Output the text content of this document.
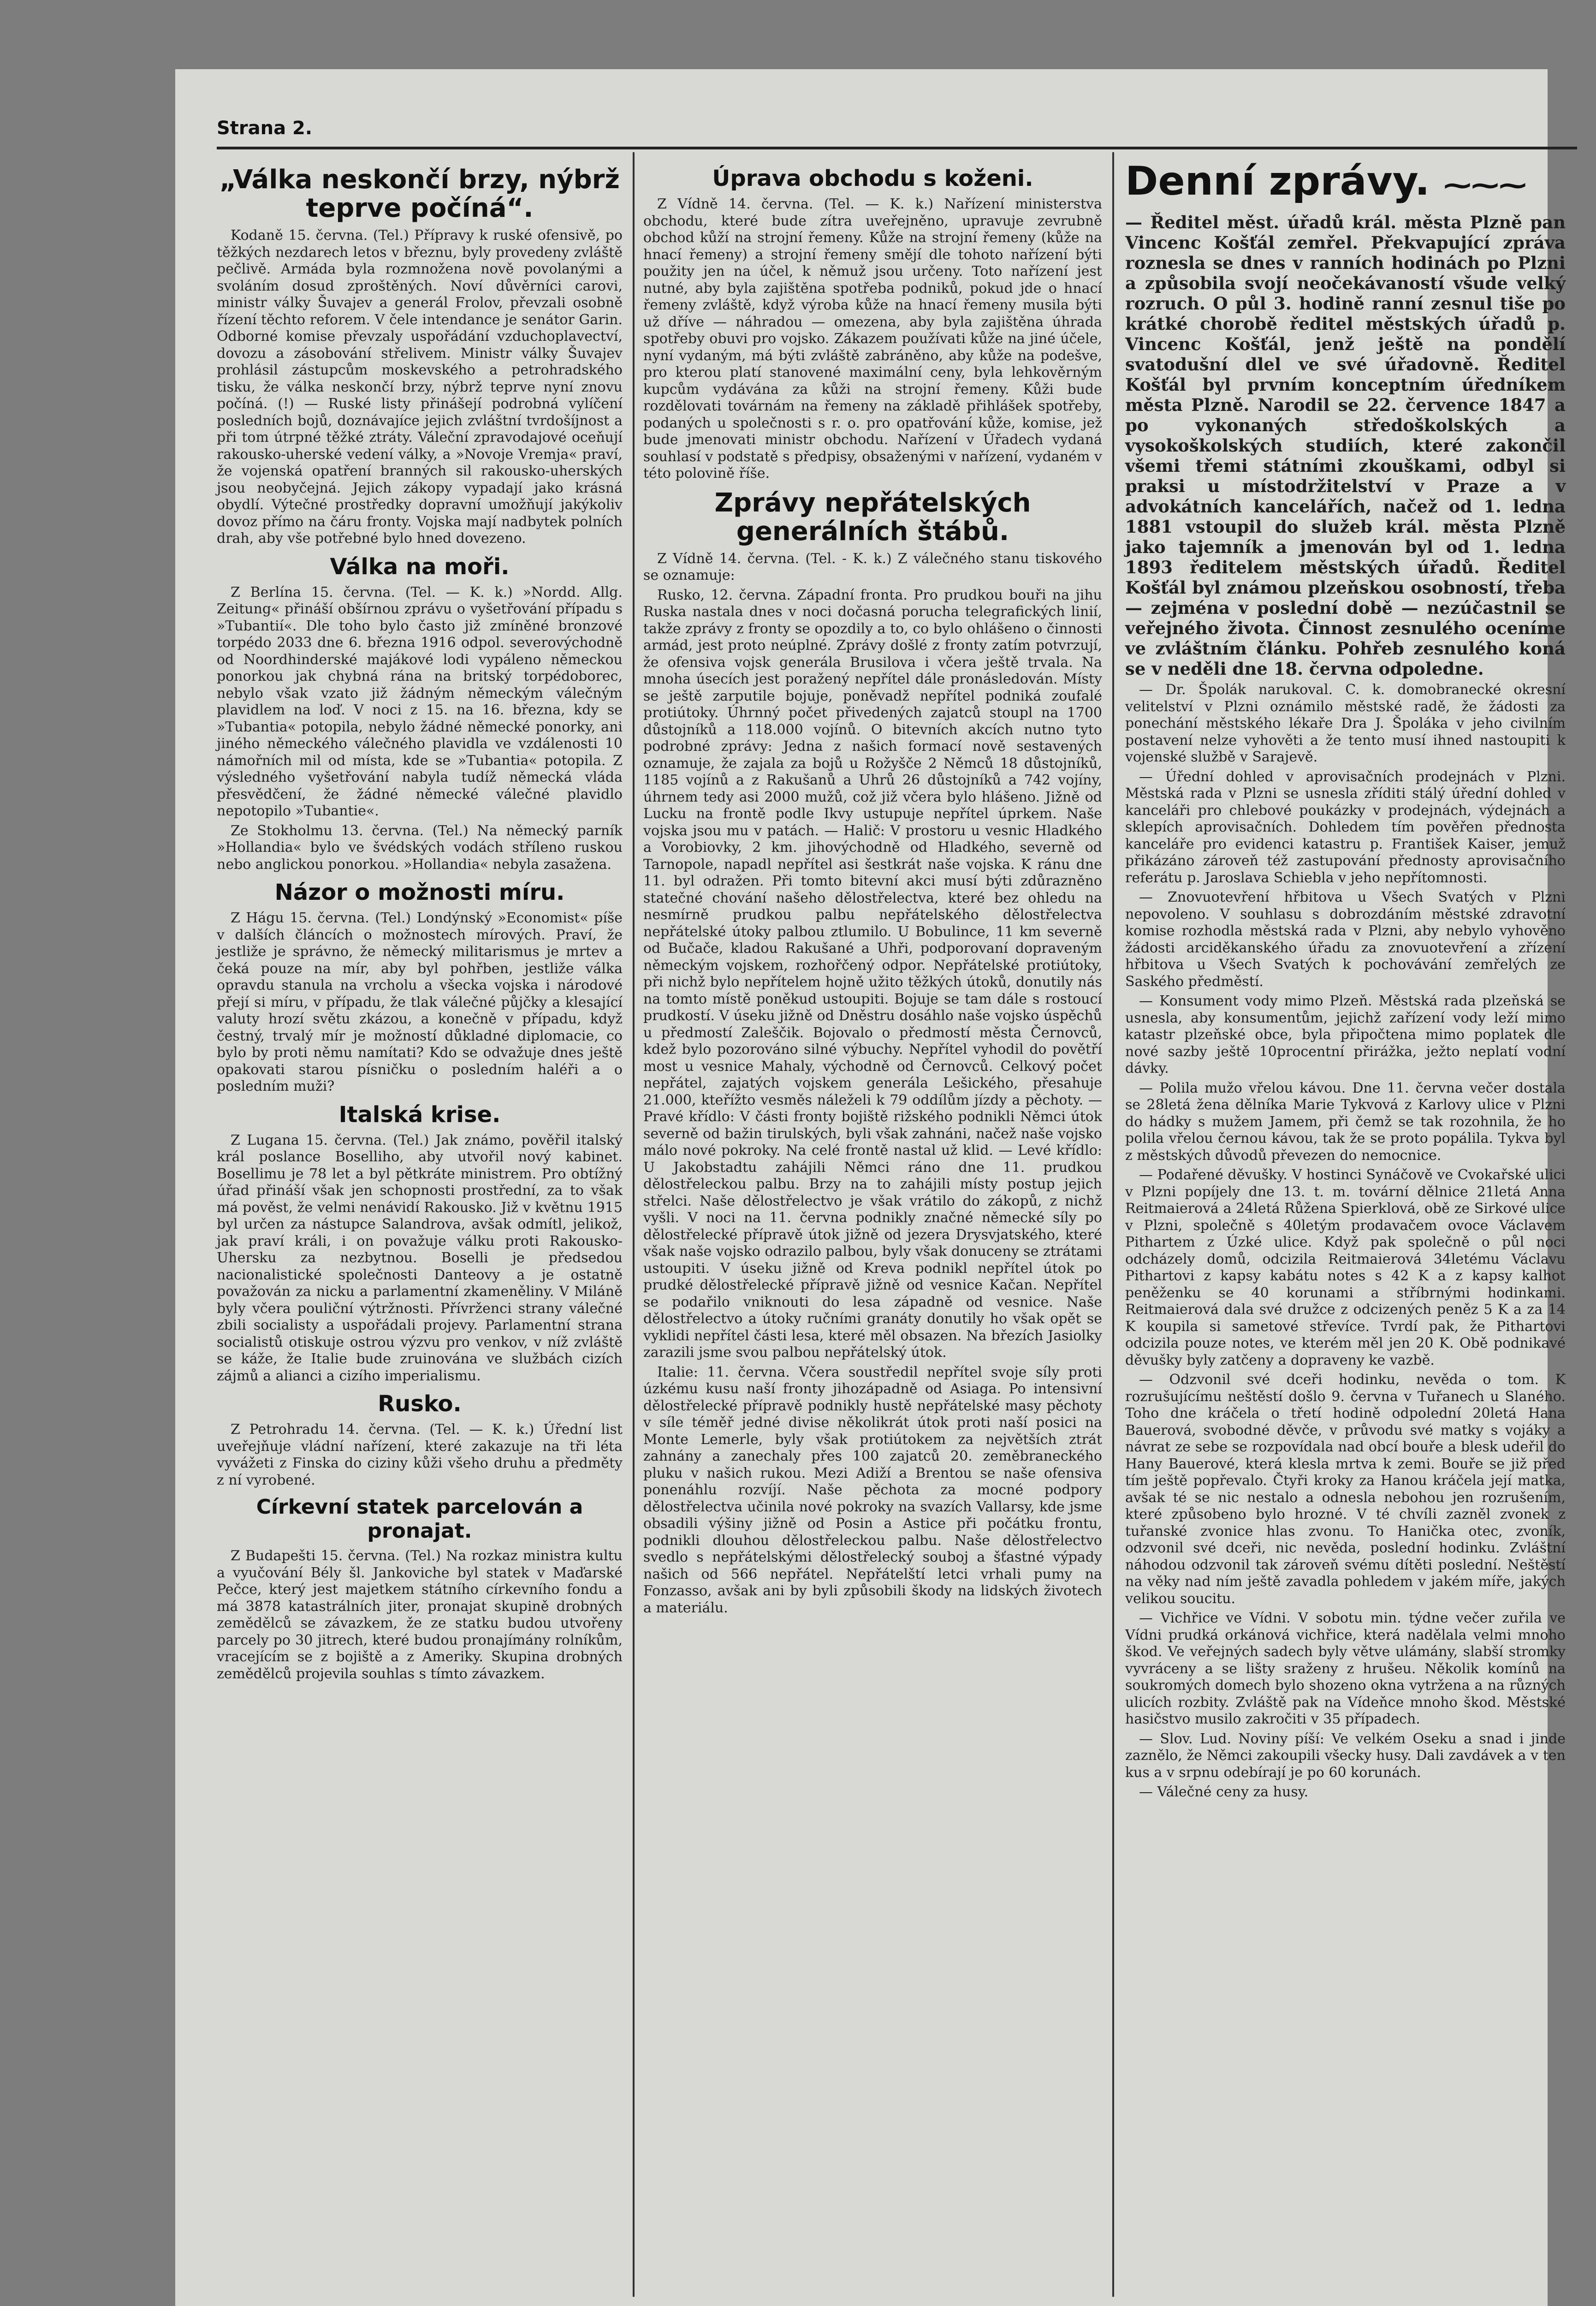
Strana 2.
„Válka neskončí brzy, nýbrž teprve počíná“.

Kodaně 15. června. (Tel.) Přípravy k ruské ofensivě, po těžkých nezdarech letos v březnu, byly provedeny zvláště pečlivě. Armáda byla rozmnožena nově povolanými a svoláním dosud zproštěných. Noví důvěrníci carovi, ministr války Šuvajev a generál Frolov, převzali osobně řízení těchto reforem. V čele intendance je senátor Garin. Odborné komise převzaly uspořádání vzduchoplavectví, dovozu a zásobování střelivem. Ministr války Šuvajev prohlásil zástupcům moskevského a petrohradského tisku, že válka neskončí brzy, nýbrž teprve nyní znovu počíná. (!) — Ruské listy přinášejí podrobná vylíčení posledních bojů, doznávajíce jejich zvláštní tvrdošíjnost a při tom útrpné těžké ztráty. Váleční zpravodajové oceňují rakousko-uherské vedení války, a »Novoje Vremja« praví, že vojenská opatření branných sil rakousko-uherských jsou neobyčejná. Jejich zákopy vypadají jako krásná obydlí. Výtečné prostředky dopravní umožňují jakýkoliv dovoz přímo na čáru fronty. Vojska mají nadbytek polních drah, aby vše potřebné bylo hned dovezeno.

Válka na moři.

Z Berlína 15. června. (Tel. — K. k.) »Nordd. Allg. Zeitung« přináší obšírnou zprávu o vyšetřování případu s »Tubantií«. Dle toho bylo často již zmíněné bronzové torpédo 2033 dne 6. března 1916 odpol. severovýchodně od Noordhinderské majákové lodi vypáleno německou ponorkou jak chybná rána na britský torpédoborec, nebylo však vzato již žádným německým válečným plavidlem na loď. V noci z 15. na 16. března, kdy se »Tubantia« potopila, nebylo žádné německé ponorky, ani jiného německého válečného plavidla ve vzdálenosti 10 námořních mil od místa, kde se »Tubantia« potopila. Z výsledného vyšetřování nabyla tudíž německá vláda přesvědčení, že žádné německé válečné plavidlo nepotopilo »Tubantie«.

Ze Stokholmu 13. června. (Tel.) Na německý parník »Hollandia« bylo ve švédských vodách stříleno ruskou nebo anglickou ponorkou. »Hollandia« nebyla zasažena.

Názor o možnosti míru.

Z Hágu 15. června. (Tel.) Londýnský »Economist« píše v dalších článcích o možnostech mírových. Praví, že jestliže je správno, že německý militarismus je mrtev a čeká pouze na mír, aby byl pohřben, jestliže válka opravdu stanula na vrcholu a všecka vojska i národové přejí si míru, v případu, že tlak válečné půjčky a klesající valuty hrozí světu zkázou, a konečně v případu, když čestný, trvalý mír je možností důkladné diplomacie, co bylo by proti němu namítati? Kdo se odvažuje dnes ještě opakovati starou písničku o posledním haléři a o posledním muži?

Italská krise.

Z Lugana 15. června. (Tel.) Jak známo, pověřil italský král poslance Boselliho, aby utvořil nový kabinet. Bosellimu je 78 let a byl pětkráte ministrem. Pro obtížný úřad přináší však jen schopnosti prostřední, za to však má pověst, že velmi nenávidí Rakousko. Již v květnu 1915 byl určen za nástupce Salandrova, avšak odmítl, jelikož, jak praví králi, i on považuje válku proti Rakousko-Uhersku za nezbytnou. Boselli je předsedou nacionalistické společnosti Danteovy a je ostatně považován za nicku a parlamentní zkameněliny. V Miláně byly včera pouliční výtržnosti. Přívrženci strany válečné zbili socialisty a uspořádali projevy. Parlamentní strana socialistů otiskuje ostrou výzvu pro venkov, v níž zvláště se káže, že Italie bude zruinována ve službách cizích zájmů a alianci a cizího imperialismu.

Rusko.

Z Petrohradu 14. června. (Tel. — K. k.) Úřední list uveřejňuje vládní nařízení, které zakazuje na tři léta vyvážeti z Finska do ciziny kůži všeho druhu a předměty z ní vyrobené.

Církevní statek parcelován a pronajat.

Z Budapešti 15. června. (Tel.) Na rozkaz ministra kultu a vyučování Bély šl. Jankoviche byl statek v Maďarské Pečce, který jest majetkem státního církevního fondu a má 3878 katastrálních jiter, pronajat skupině drobných zemědělců se závazkem, že ze statku budou utvořeny parcely po 30 jitrech, které budou pronajímány rolníkům, vracejícím se z bojiště a z Ameriky. Skupina drobných zemědělců projevila souhlas s tímto závazkem.

Úprava obchodu s koženi.

Z Vídně 14. června. (Tel. — K. k.) Nařízení ministerstva obchodu, které bude zítra uveřejněno, upravuje zevrubně obchod kůží na strojní řemeny. Kůže na strojní řemeny (kůže na hnací řemeny) a strojní řemeny smějí dle tohoto nařízení býti použity jen na účel, k němuž jsou určeny. Toto nařízení jest nutné, aby byla zajištěna spotřeba podniků, pokud jde o hnací řemeny zvláště, když výroba kůže na hnací řemeny musila býti už dříve — náhradou — omezena, aby byla zajištěna úhrada spotřeby obuvi pro vojsko. Zákazem používati kůže na jiné účele, nyní vydaným, má býti zvláště zabráněno, aby kůže na podešve, pro kterou platí stanovené maximální ceny, byla lehkověrným kupcům vydávána za kůži na strojní řemeny. Kůži bude rozdělovati továrnám na řemeny na základě přihlášek spotřeby, podaných u společnosti s r. o. pro opatřování kůže, komise, jež bude jmenovati ministr obchodu. Nařízení v Úřadech vydaná souhlasí v podstatě s předpisy, obsaženými v nařízení, vydaném v této polovině říše.

Zprávy nepřátelských generálních štábů.

Z Vídně 14. června. (Tel. - K. k.) Z válečného stanu tiskového se oznamuje:

Rusko, 12. června. Západní fronta. Pro prudkou bouři na jihu Ruska nastala dnes v noci dočasná porucha telegrafických linií, takže zprávy z fronty se opozdily a to, co bylo ohlášeno o činnosti armád, jest proto neúplné. Zprávy došlé z fronty zatím potvrzují, že ofensiva vojsk generála Brusilova i včera ještě trvala. Na mnoha úsecích jest poražený nepřítel dále pronásledován. Místy se ještě zarputile bojuje, poněvadž nepřítel podniká zoufalé protiútoky. Úhrnný počet přivedených zajatců stoupl na 1700 důstojníků a 118.000 vojínů. O bitevních akcích nutno tyto podrobné zprávy: Jedna z našich formací nově sestavených oznamuje, že zajala za bojů u Rožyšče 2 Němců 18 důstojníků, 1185 vojínů a z Rakušanů a Uhrů 26 důstojníků a 742 vojíny, úhrnem tedy asi 2000 mužů, což již včera bylo hlášeno. Jižně od Lucku na frontě podle Ikvy ustupuje nepřítel úprkem. Naše vojska jsou mu v patách. — Halič: V prostoru u vesnic Hladkého a Vorobiovky, 2 km. jihovýchodně od Hladkého, severně od Tarnopole, napadl nepřítel asi šestkrát naše vojska. K ránu dne 11. byl odražen. Při tomto bitevní akci musí býti zdůrazněno statečné chování našeho dělostřelectva, které bez ohledu na nesmírně prudkou palbu nepřátelského dělostřelectva nepřátelské útoky palbou ztlumilo. U Bobulince, 11 km severně od Bučače, kladou Rakušané a Uhři, podporovaní dopraveným německým vojskem, rozhořčený odpor. Nepřátelské protiútoky, při nichž bylo nepřítelem hojně užito těžkých útoků, donutily nás na tomto místě poněkud ustoupiti. Bojuje se tam dále s rostoucí prudkostí. V úseku jižně od Dněstru dosáhlo naše vojsko úspěchů u předmostí Zaleščik. Bojovalo o předmostí města Černovců, kdež bylo pozorováno silné výbuchy. Nepřítel vyhodil do povětří most u vesnice Mahaly, východně od Černovců. Celkový počet nepřátel, zajatých vojskem generála Lešického, přesahuje 21.000, kteřížto vesměs náleželi k 79 oddílům jízdy a pěchoty. — Pravé křídlo: V části fronty bojiště rižského podnikli Němci útok severně od bažin tirulských, byli však zahnáni, načež naše vojsko málo nové pokroky. Na celé frontě nastal už klid. — Levé křídlo: U Jakobstadtu zahájili Němci ráno dne 11. prudkou dělostřeleckou palbu. Brzy na to zahájili místy postup jejich střelci. Naše dělostřelectvo je však vrátilo do zákopů, z nichž vyšli. V noci na 11. června podnikly značné německé síly po dělostřelecké přípravě útok jižně od jezera Drysvjatského, které však naše vojsko odrazilo palbou, byly však donuceny se ztrátami ustoupiti. V úseku jižně od Kreva podnikl nepřítel útok po prudké dělostřelecké přípravě jižně od vesnice Kačan. Nepřítel se podařilo vniknouti do lesa západně od vesnice. Naše dělostřelectvo a útoky ručními granáty donutily ho však opět se vyklidi nepřítel části lesa, které měl obsazen. Na březích Jasiolky zarazili jsme svou palbou nepřátelský útok.

Italie: 11. června. Včera soustředil nepřítel svoje síly proti úzkému kusu naší fronty jihozápadně od Asiaga. Po intensivní dělostřelecké přípravě podnikly hustě nepřátelské masy pěchoty v síle téměř jedné divise několikrát útok proti naší posici na Monte Lemerle, byly však protiútokem za největších ztrát zahnány a zanechaly přes 100 zajatců 20. zeměbraneckého pluku v našich rukou. Mezi Adiží a Brentou se naše ofensiva ponenáhlu rozvíjí. Naše pěchota za mocné podpory dělostřelectva učinila nové pokroky na svazích Vallarsy, kde jsme obsadili výšiny jižně od Posin a Astice při počátku frontu, podnikli dlouhou dělostřeleckou palbu. Naše dělostřelectvo svedlo s nepřátelskými dělostřelecký souboj a šťastné výpady našich od 566 nepřátel. Nepřátelští letci vrhali pumy na Fonzasso, avšak ani by byli způsobili škody na lidských životech a materiálu.

Denní zprávy. ⁓⁓⁓

— Ředitel měst. úřadů král. města Plzně pan Vincenc Košťál zemřel. Překvapující zpráva roznesla se dnes v ranních hodinách po Plzni a způsobila svojí neočekávaností všude velký rozruch. O půl 3. hodině ranní zesnul tiše po krátké chorobě ředitel městských úřadů p. Vincenc Košťál, jenž ještě na pondělí svatodušní dlel ve své úřadovně. Ředitel Košťál byl prvním konceptním úředníkem města Plzně. Narodil se 22. července 1847 a po vykonaných středoškolských a vysokoškolských studiích, které zakončil všemi třemi státními zkouškami, odbyl si praksi u místodržitelství v Praze a v advokátních kancelářích, načež od 1. ledna 1881 vstoupil do služeb král. města Plzně jako tajemník a jmenován byl od 1. ledna 1893 ředitelem městských úřadů. Ředitel Košťál byl známou plzeňskou osobností, třeba — zejména v poslední době — nezúčastnil se veřejného života. Činnost zesnulého oceníme ve zvláštním článku. Pohřeb zesnulého koná se v neděli dne 18. června odpoledne.

— Dr. Špolák narukoval. C. k. domobranecké okresní velitelství v Plzni oznámilo městské radě, že žádosti za ponechání městského lékaře Dra J. Špoláka v jeho civilním postavení nelze vyhověti a že tento musí ihned nastoupiti k vojenské službě v Sarajevě.

— Úřední dohled v aprovisačních prodejnách v Plzni. Městská rada v Plzni se usnesla zříditi stálý úřední dohled v kanceláři pro chlebové poukázky v prodejnách, výdejnách a sklepích aprovisačních. Dohledem tím pověřen přednosta kanceláře pro evidenci katastru p. František Kaiser, jemuž přikázáno zároveň též zastupování přednosty aprovisačního referátu p. Jaroslava Schiebla v jeho nepřítomnosti.

— Znovuotevření hřbitova u Všech Svatých v Plzni nepovoleno. V souhlasu s dobrozdáním městské zdravotní komise rozhodla městská rada v Plzni, aby nebylo vyhověno žádosti arciděkanského úřadu za znovuotevření a zřízení hřbitova u Všech Svatých k pochovávání zemřelých ze Saského předměstí.

— Konsument vody mimo Plzeň. Městská rada plzeňská se usnesla, aby konsumentům, jejichž zařízení vody leží mimo katastr plzeňské obce, byla připočtena mimo poplatek dle nové sazby ještě 10procentní přirážka, ježto neplatí vodní dávky.

— Polila mužo vřelou kávou. Dne 11. června večer dostala se 28letá žena dělníka Marie Tykvová z Karlovy ulice v Plzni do hádky s mužem Jamem, při čemž se tak rozohnila, že ho polila vřelou černou kávou, tak že se proto popálila. Tykva byl z městských důvodů převezen do nemocnice.

— Podařené děvušky. V hostinci Synáčově ve Cvokařské ulici v Plzni popíjely dne 13. t. m. tovární dělnice 21letá Anna Reitmaierová a 24letá Růžena Spierklová, obě ze Sirkové ulice v Plzni, společně s 40letým prodavačem ovoce Václavem Pithartem z Úzké ulice. Když pak společně o půl noci odcházely domů, odcizila Reitmaierová 34letému Václavu Pithartovi z kapsy kabátu notes s 42 K a z kapsy kalhot peněženku se 40 korunami a stříbrnými hodinkami. Reitmaierová dala své družce z odcizených peněz 5 K a za 14 K koupila si sametové střevíce. Tvrdí pak, že Pithartovi odcizila pouze notes, ve kterém měl jen 20 K. Obě podnikavé děvušky byly zatčeny a dopraveny ke vazbě.

— Odzvonil své dceři hodinku, nevěda o tom. K rozrušujícímu neštěstí došlo 9. června v Tuřanech u Slaného. Toho dne kráčela o třetí hodině odpolední 20letá Hana Bauerová, svobodné děvče, v průvodu své matky s vojáky a návrat ze sebe se rozpovídala nad obcí bouře a blesk udeřil do Hany Bauerové, která klesla mrtva k zemi. Bouře se již před tím ještě popřevalo. Čtyři kroky za Hanou kráčela její matka, avšak té se nic nestalo a odnesla nebohou jen rozrušením, které způsobeno bylo hrozné. V té chvíli zazněl zvonek z tuřanské zvonice hlas zvonu. To Hanička otec, zvoník, odzvonil své dceři, nic nevěda, poslední hodinku. Zvláštní náhodou odzvonil tak zároveň svému dítěti poslední. Neštěstí na věky nad ním ještě zavadla pohledem v jakém míře, jakých velikou soucitu.

— Vichřice ve Vídni. V sobotu min. týdne večer zuřila ve Vídni prudká orkánová vichřice, která nadělala velmi mnoho škod. Ve veřejných sadech byly větve ulámány, slabší stromky vyvráceny a se lišty sraženy z hrušeu. Několik komínů na soukromých domech bylo shozeno okna vytržena a na různých ulicích rozbity. Zvláště pak na Vídeňce mnoho škod. Městské hasičstvo musilo zakročiti v 35 případech.

— Slov. Lud. Noviny píší: Ve velkém Oseku a snad i jinde zaznělo, že Němci zakoupili všecky husy. Dali zavdávek a v ten kus a v srpnu odebírají je po 60 korunách.

— Válečné ceny za husy.
